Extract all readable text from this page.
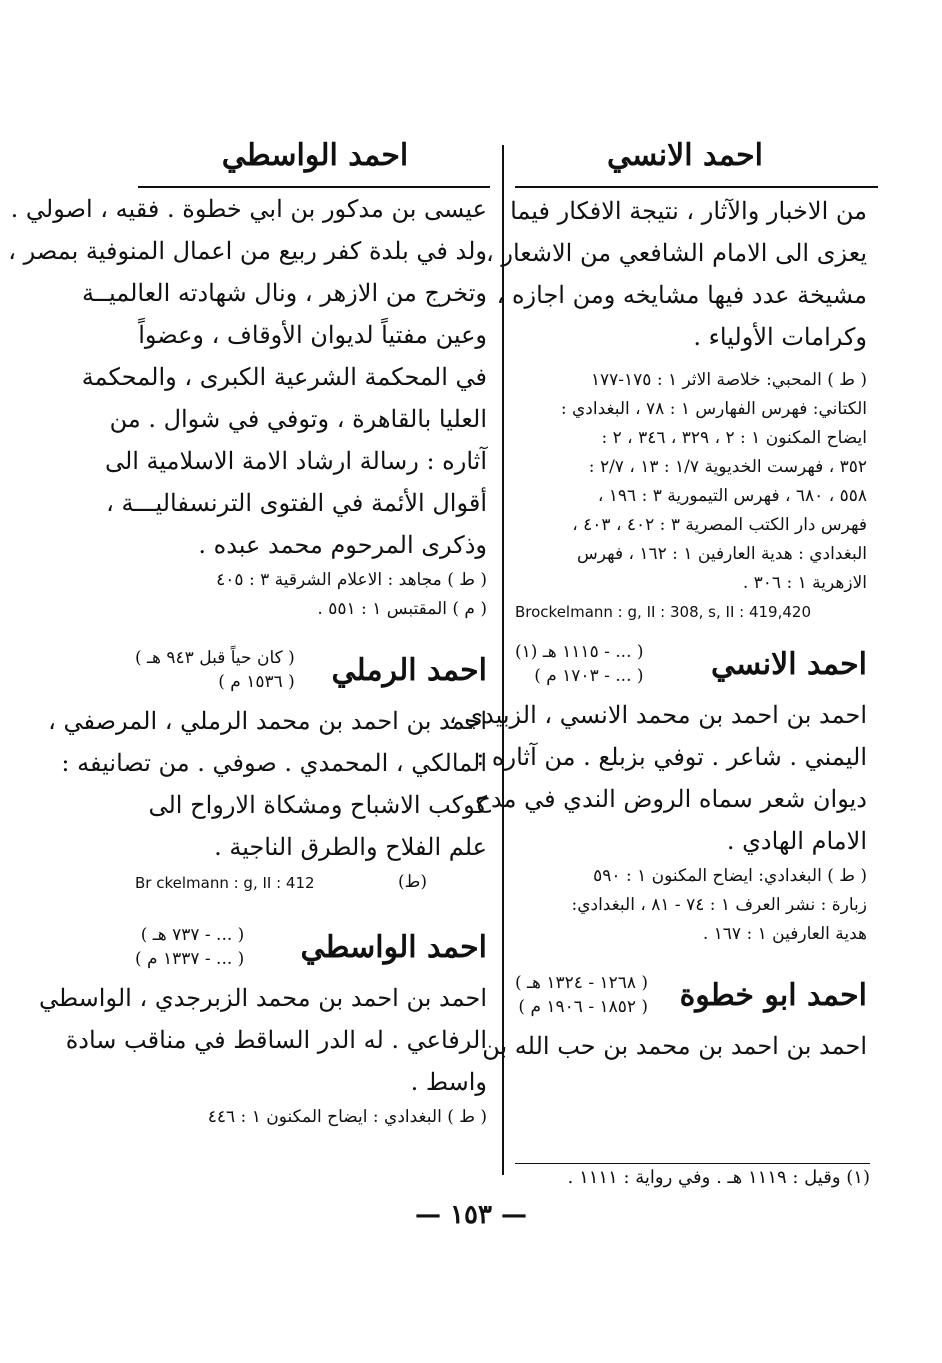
احمد الانسي
احمد الواسطي
من الاخبار والآثار ، نتيجة الافكار فيما
يعزى الى الامام الشافعي من الاشعار ،
مشيخة عدد فيها مشايخه ومن اجازه ،
وكرامات الأولياء .
( ط ) المحبي: خلاصة الاثر ١ : ١٧٥-١٧٧
الكتاني: فهرس الفهارس ١ : ٧٨ ، البغدادي :
ايضاح المكنون ١ : ٢ ، ٣٢٩ ، ٣٤٦ ، ٢ :
٣٥٢ ، فهرست الخديوية ١/٧ : ١٣ ، ٢/٧ :
٥٥٨ ، ٦٨٠ ، فهرس التيمورية ٣ : ١٩٦ ،
فهرس دار الكتب المصرية ٣ : ٤٠٢ ، ٤٠٣ ،
البغدادي : هدية العارفين ١ : ١٦٢ ، فهرس
الازهرية ١ : ٣٠٦ .
Brockelmann : g, II : 308, s, II : 419,420
احمد الانسي
( ... - ١١١٥ هـ (١)
( ... - ١٧٠٣ م )
احمد بن احمد بن محمد الانسي ، الزبيدي ،
اليمني . شاعر . توفي بزبلع . من آثاره :
ديوان شعر سماه الروض الندي في مدح
الامام الهادي .
( ط ) البغدادي: ايضاح المكنون ١ : ٥٩٠
زبارة : نشر العرف ١ : ٧٤ - ٨١ ، البغدادي:
هدية العارفين ١ : ١٦٧ .
احمد ابو خطوة
( ١٢٦٨ - ١٣٢٤ هـ )
( ١٨٥٢ - ١٩٠٦ م )
احمد بن احمد بن محمد بن حب الله بن
(١) وقيل : ١١١٩ هـ . وفي رواية : ١١١١ .
عيسى بن مدكور بن ابي خطوة . فقيه ، اصولي .
ولد في بلدة كفر ربيع من اعمال المنوفية بمصر ،
وتخرج من الازهر ، ونال شهادته العالميــة
وعين مفتياً لديوان الأوقاف ، وعضواً
في المحكمة الشرعية الكبرى ، والمحكمة
العليا بالقاهرة ، وتوفي في شوال . من
آثاره : رسالة ارشاد الامة الاسلامية الى
أقوال الأئمة في الفتوى الترنسفاليـــة ،
وذكرى المرحوم محمد عبده .
( ط ) مجاهد : الاعلام الشرقية ٣ : ٤٠٥
( م ) المقتبس ١ : ٥٥١ .
احمد الرملي
( كان حياً قبل ٩٤٣ هـ )
( ١٥٣٦ م )
احمد بن احمد بن محمد الرملي ، المرصفي ،
المالكي ، المحمدي . صوفي . من تصانيفه :
كوكب الاشباح ومشكاة الارواح الى
علم الفلاح والطرق الناجية .
Br ckelmann : g, II : 412	(ط)
احمد الواسطي
( ... - ٧٣٧ هـ )
( ... - ١٣٣٧ م )
احمد بن احمد بن محمد الزبرجدي ، الواسطي
الرفاعي . له الدر الساقط في مناقب سادة
واسط .
( ط ) البغدادي : ايضاح المكنون ١ : ٤٤٦
— ١٥٣ —
